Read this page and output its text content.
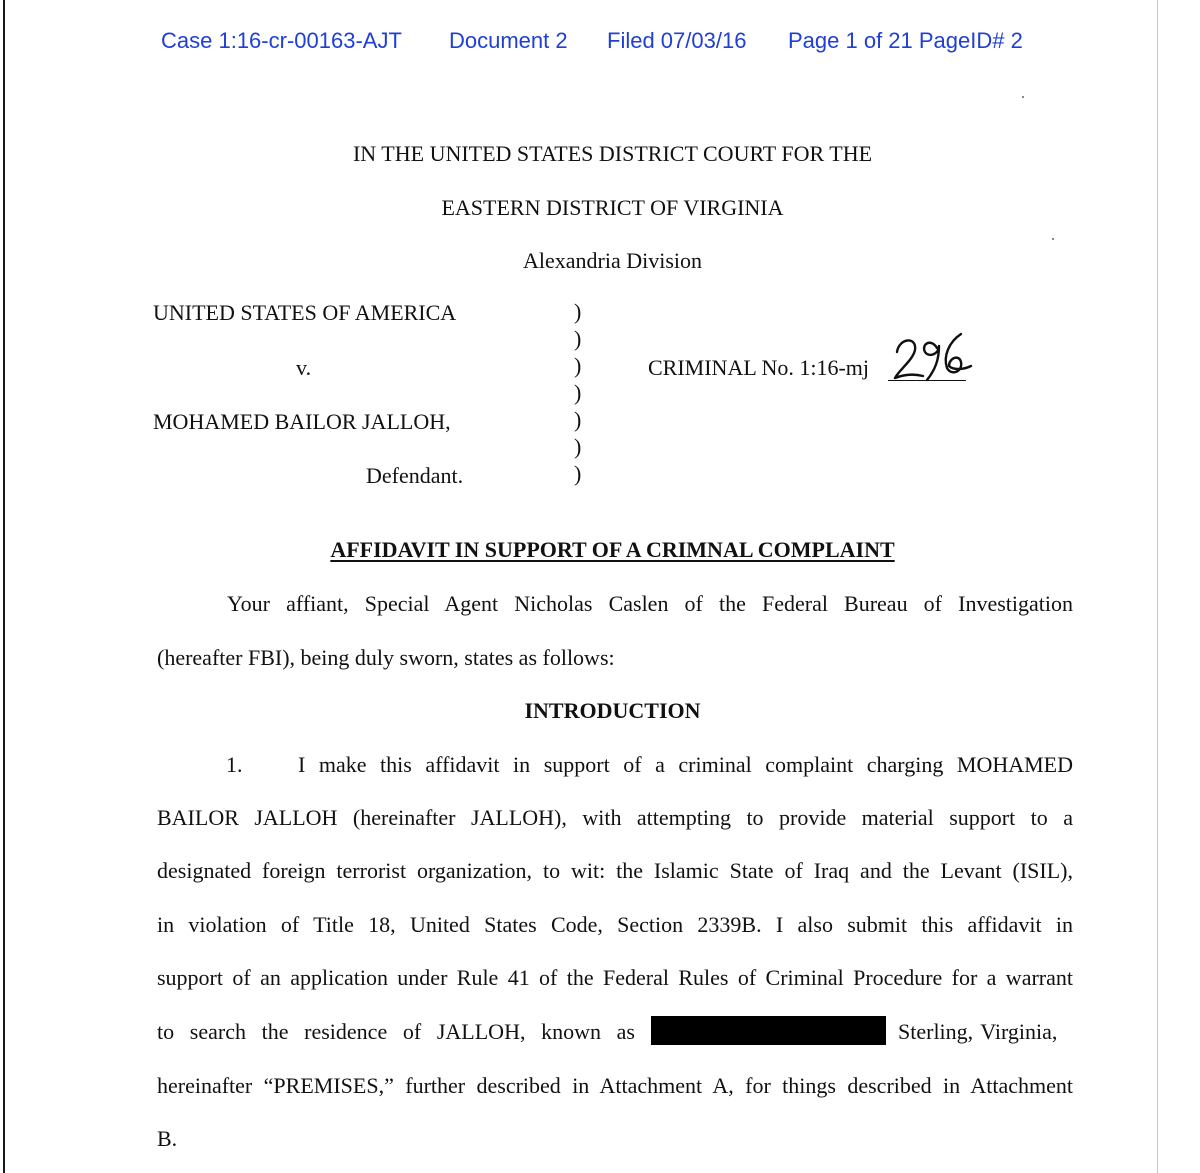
Case 1:16-cr-00163-AJT Document 2 Filed 07/03/16 Page 1 of 21 PageID# 2
IN THE UNITED STATES DISTRICT COURT FOR THE
EASTERN DISTRICT OF VIRGINIA
Alexandria Division
UNITED STATES OF AMERICA
v.
MOHAMED BAILOR JALLOH,
Defendant.
)
)
)
)
)
)
)
CRIMINAL No. 1:16-mj
AFFIDAVIT IN SUPPORT OF A CRIMNAL COMPLAINT
Your affiant, Special Agent Nicholas Caslen of the Federal Bureau of Investigation
(hereafter FBI), being duly sworn, states as follows:
INTRODUCTION
1.	I make this affidavit in support of a criminal complaint charging MOHAMED
BAILOR JALLOH (hereinafter JALLOH), with attempting to provide material support to a
designated foreign terrorist organization, to wit: the Islamic State of Iraq and the Levant (ISIL),
in violation of Title 18, United States Code, Section 2339B. I also submit this affidavit in
support of an application under Rule 41 of the Federal Rules of Criminal Procedure for a warrant
to search the residence of JALLOH, known as	Sterling, Virginia,
hereinafter “PREMISES,” further described in Attachment A, for things described in Attachment
B.
